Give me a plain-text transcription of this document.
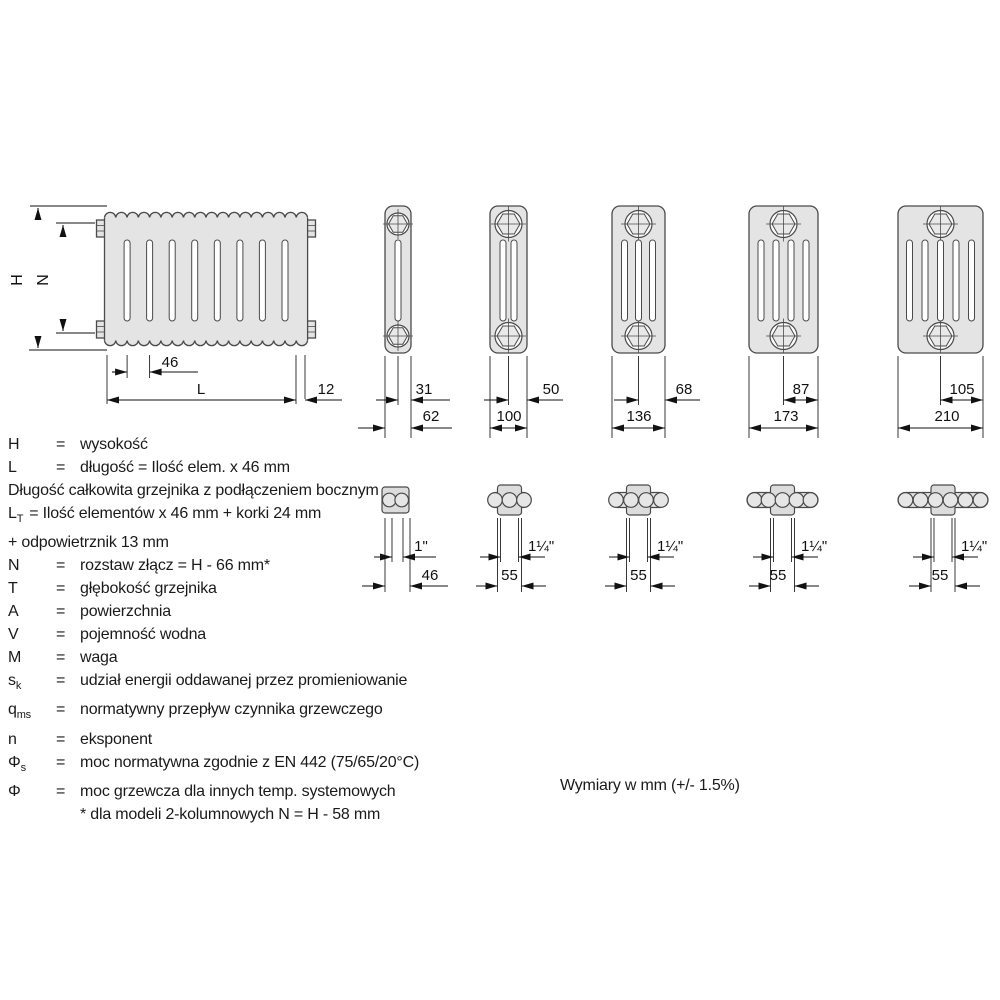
H N
46
L	12	31
62
50
100
68
136
87
173
105
210
1"
46
1¼"
55
1¼"
55
1¼"
55
1¼"
55
H = wysokość
L = długość = Ilość elem. x 46 mm
Długość całkowita grzejnika z podłączeniem bocznym
$L_T$ = Ilość elementów x 46 mm + korki 24 mm
+ odpowietrznik 13 mm
N = rozstaw złącz = H - 66 mm*
T = głębokość grzejnika
A = powierzchnia
V = pojemność wodna
M = waga
$s_k$ = udział energii oddawanej przez promieniowanie
$q_{ms}$ = normatywny przepływ czynnika grzewczego
n = eksponent
$\Phi_s$ = moc normatywna zgodnie z EN 442 (75/65/20°C)
Φ = moc grzewcza dla innych temp. systemowych
* dla modeli 2-kolumnowych N = H - 58 mm
Wymiary w mm (+/- 1.5%)
